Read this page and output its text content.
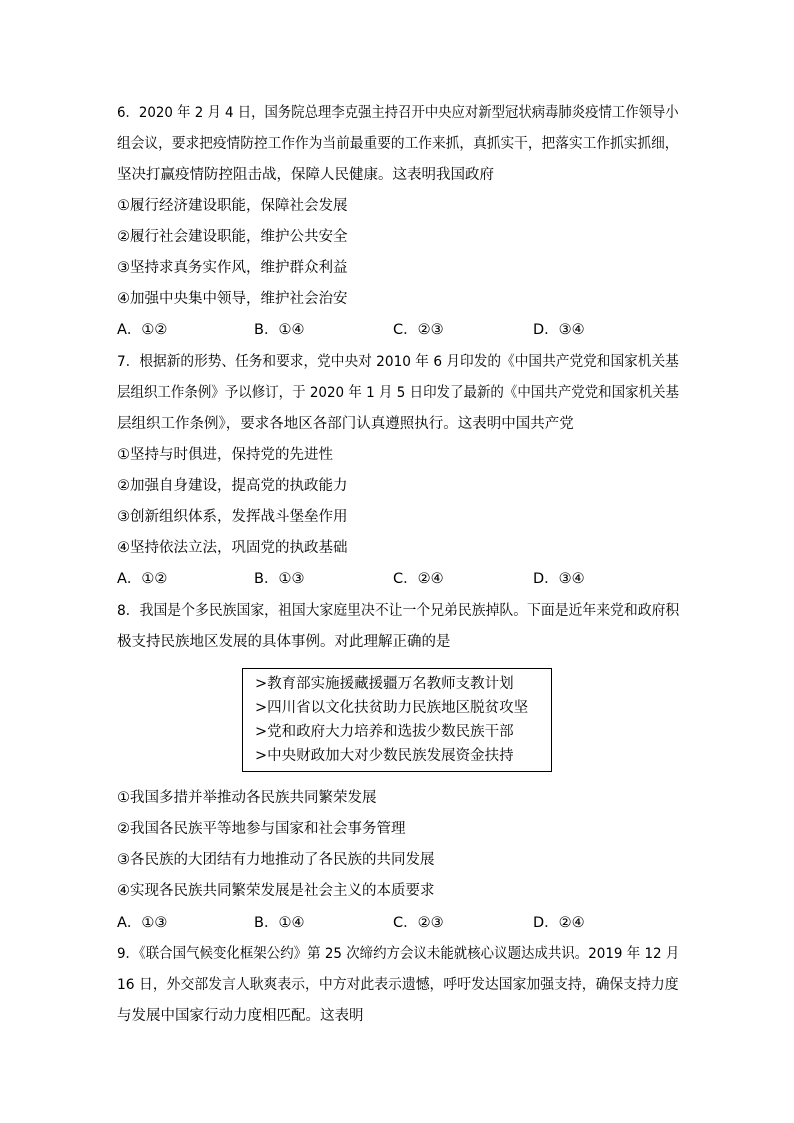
6．2020 年 2 月 4 日，国务院总理李克强主持召开中央应对新型冠状病毒肺炎疫情工作领导小
组会议，要求把疫情防控工作作为当前最重要的工作来抓，真抓实干，把落实工作抓实抓细，
坚决打赢疫情防控阻击战，保障人民健康。这表明我国政府
①履行经济建设职能，保障社会发展
②履行社会建设职能，维护公共安全
③坚持求真务实作风，维护群众利益
④加强中央集中领导，维护社会治安
A．①②	B．①④	C．②③	D．③④
7．根据新的形势、任务和要求，党中央对 2010 年 6 月印发的《中国共产党党和国家机关基
层组织工作条例》予以修订，于 2020 年 1 月 5 日印发了最新的《中国共产党党和国家机关基
层组织工作条例》，要求各地区各部门认真遵照执行。这表明中国共产党
①坚持与时俱进，保持党的先进性
②加强自身建设，提高党的执政能力
③创新组织体系，发挥战斗堡垒作用
④坚持依法立法，巩固党的执政基础
A．①②	B．①③	C．②④	D．③④
8．我国是个多民族国家，祖国大家庭里决不让一个兄弟民族掉队。下面是近年来党和政府积
极支持民族地区发展的具体事例。对此理解正确的是
>教育部实施援藏援疆万名教师支教计划
>四川省以文化扶贫助力民族地区脱贫攻坚
>党和政府大力培养和选拔少数民族干部
>中央财政加大对少数民族发展资金扶持
①我国多措并举推动各民族共同繁荣发展
②我国各民族平等地参与国家和社会事务管理
③各民族的大团结有力地推动了各民族的共同发展
④实现各民族共同繁荣发展是社会主义的本质要求
A．①③	B．①④	C．②③	D．②④
9．《联合国气候变化框架公约》第 25 次缔约方会议未能就核心议题达成共识。2019 年 12 月
16 日，外交部发言人耿爽表示，中方对此表示遗憾，呼吁发达国家加强支持，确保支持力度
与发展中国家行动力度相匹配。这表明
